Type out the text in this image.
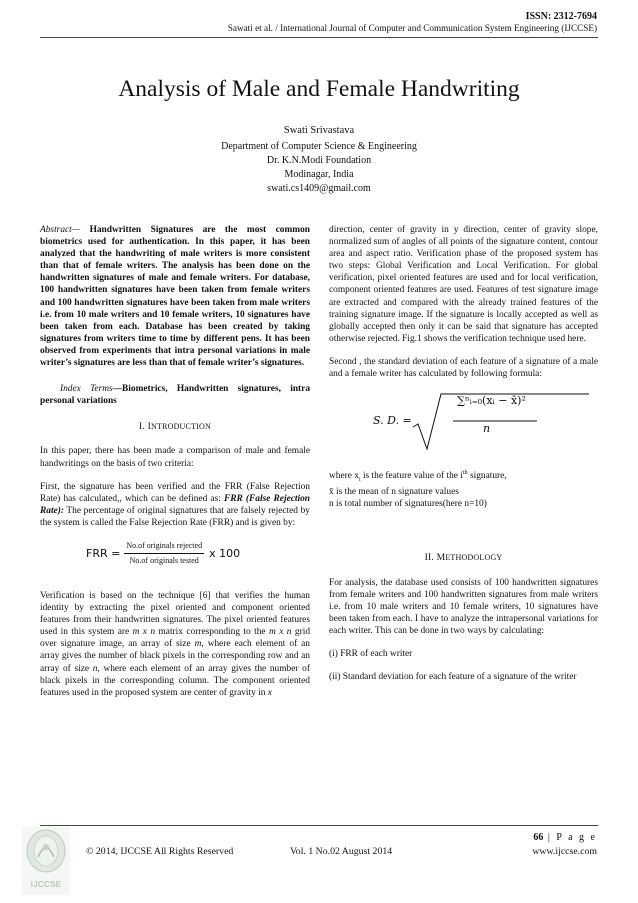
ISSN: 2312-7694
Sawati et al. / International Journal of Computer and Communication System Engineering (IJCCSE)
Analysis of Male and Female Handwriting
Swati Srivastava
Department of Computer Science & Engineering
Dr. K.N.Modi Foundation
Modinagar, India
swati.cs1409@gmail.com

Abstract— Handwritten Signatures are the most common biometrics used for authentication. In this paper, it has been analyzed that the handwriting of male writers is more consistent than that of female writers. The analysis has been done on the handwritten signatures of male and female writers. For database, 100 handwritten signatures have been taken from female writers and 100 handwritten signatures have been taken from male writers i.e. from 10 male writers and 10 female writers, 10 signatures have been taken from each. Database has been created by taking signatures from writers time to time by different pens. It has been observed from experiments that intra personal variations in male writer’s signatures are less than that of female writer’s signatures.

Index Terms—Biometrics, Handwritten signatures, intra personal variations

I. INTRODUCTION

In this paper, there has been made a comparison of male and female handwritings on the basis of two criteria:

First, the signature has been verified and the FRR (False Rejection Rate) has calculated,, which can be defined as: FRR (False Rejection Rate): The percentage of original signatures that are falsely rejected by the system is called the False Rejection Rate (FRR) and is given by:

FRR = $\frac{\text{No.of originals rejected}}{\text{No.of originals tested}}$ x 100

Verification is based on the technique [6] that verifies the human identity by extracting the pixel oriented and component oriented features from their handwritten signatures. The pixel oriented features used in this system are m x n matrix corresponding to the m x n grid over signature image, an array of size m, where each element of an array gives the number of black pixels in the corresponding row and an array of size n, where each element of an array gives the number of black pixels in the corresponding column. The component oriented features used in the proposed system are center of gravity in x

direction, center of gravity in y direction, center of gravity slope, normalized sum of angles of all points of the signature content, contour area and aspect ratio. Verification phase of the proposed system has two steps: Global Verification and Local Verification. For global verification, pixel oriented features are used and for local verification, component oriented features are used. Features of test signature image are extracted and compared with the already trained features of the training signature image. If the signature is locally accepted as well as globally accepted then only it can be said that signature has accepted otherwise rejected. Fig.1 shows the verification technique used here.

Second , the standard deviation of each feature of a signature of a male and a female writer has calculated by following formula:

S. D. =
∑ⁿᵢ₌₀(xᵢ − x̄)²
n

where $x_i$ is the feature value of the $i^{th}$ signature,

x̄ is the mean of n signature values

n is total number of signatures(here n=10)

II. METHODOLOGY

For analysis, the database used consists of 100 handwritten signatures from female writers and 100 handwritten signatures from male writers i.e. from 10 male writers and 10 female writers, 10 signatures have been taken from each. I have to analyze the intrapersonal variations for each writer. This can be done in two ways by calculating:

(i) FRR of each writer

(ii) Standard deviation for each feature of a signature of the writer

66 | P a g e
IJCCSE
© 2014, IJCCSE All Rights Reserved	Vol. 1 No.02 August 2014	www.ijccse.com
